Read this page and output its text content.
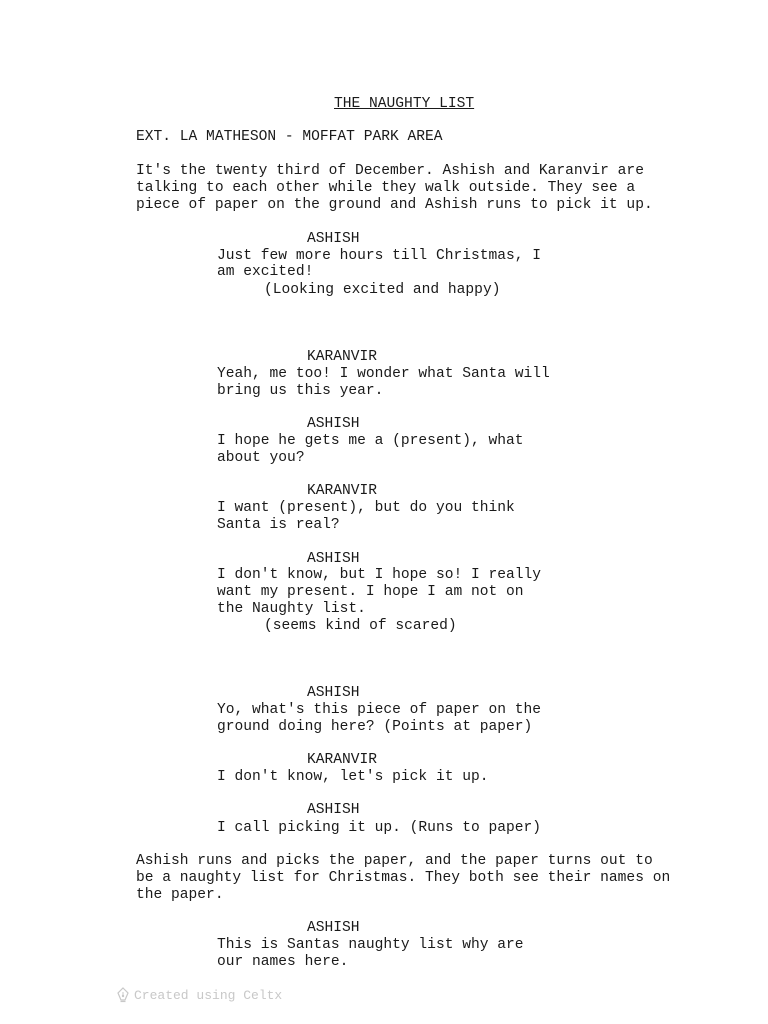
THE NAUGHTY LIST
EXT. LA MATHESON - MOFFAT PARK AREA
It's the twenty third of December. Ashish and Karanvir are
talking to each other while they walk outside. They see a
piece of paper on the ground and Ashish runs to pick it up.
ASHISH
Just few more hours till Christmas, I
am excited!
(Looking excited and happy)
KARANVIR
Yeah, me too! I wonder what Santa will
bring us this year.
ASHISH
I hope he gets me a (present), what
about you?
KARANVIR
I want (present), but do you think
Santa is real?
ASHISH
I don't know, but I hope so! I really
want my present. I hope I am not on
the Naughty list.
(seems kind of scared)
ASHISH
Yo, what's this piece of paper on the
ground doing here? (Points at paper)
KARANVIR
I don't know, let's pick it up.
ASHISH
I call picking it up. (Runs to paper)
Ashish runs and picks the paper, and the paper turns out to
be a naughty list for Christmas. They both see their names on
the paper.
ASHISH
This is Santas naughty list why are
our names here.
Created using Celtx
